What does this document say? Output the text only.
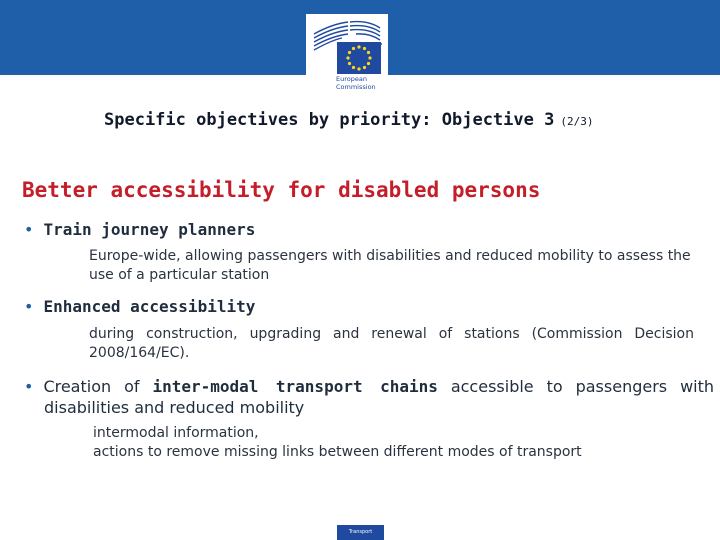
European
Commission
Specific objectives by priority: Objective 3 (2/3)
Better accessibility for disabled persons
• Train journey planners
Europe-wide, allowing passengers with disabilities and reduced mobility to assess the use of a particular station
• Enhanced accessibility
during construction, upgrading and renewal of stations (Commission Decision 2008/164/EC).
• Creation of inter-modal transport chains accessible to passengers with disabilities and reduced mobility
intermodal information,
actions to remove missing links between different modes of transport
Transport
